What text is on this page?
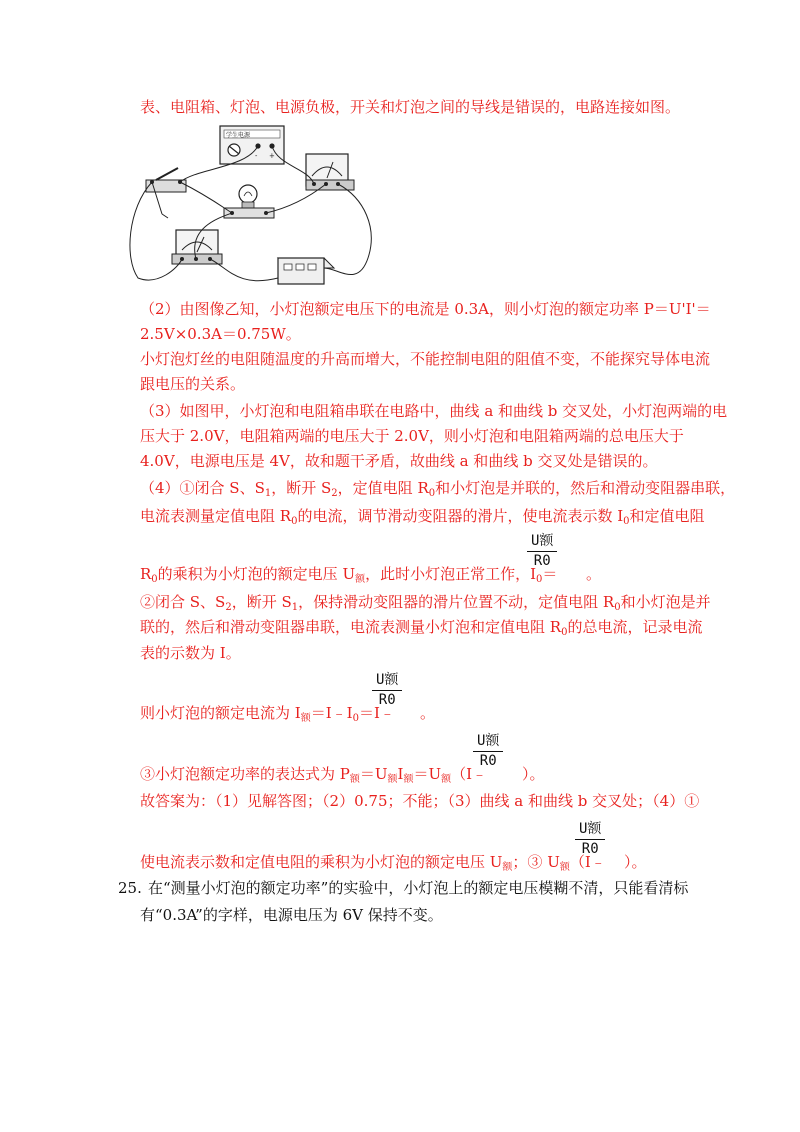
表、电阻箱、灯泡、电源负极，开关和灯泡之间的导线是错误的，电路连接如图。
学生电源
- +
（2）由图像乙知，小灯泡额定电压下的电流是 0.3A，则小灯泡的额定功率 P＝U'I'＝
2.5V×0.3A＝0.75W。
小灯泡灯丝的电阻随温度的升高而增大，不能控制电阻的阻值不变，不能探究导体电流
跟电压的关系。
（3）如图甲，小灯泡和电阻箱串联在电路中，曲线 a 和曲线 b 交叉处，小灯泡两端的电
压大于 2.0V，电阻箱两端的电压大于 2.0V，则小灯泡和电阻箱两端的总电压大于
4.0V，电源电压是 4V，故和题干矛盾，故曲线 a 和曲线 b 交叉处是错误的。
（4）①闭合 S、$S_1$，断开 $S_2$，定值电阻 $R_0$和小灯泡是并联的，然后和滑动变阻器串联，
电流表测量定值电阻 $R_0$的电流，调节滑动变阻器的滑片，使电流表示数 $I_0$和定值电阻
$R_0$的乘积为小灯泡的额定电压 $U_额$，此时小灯泡正常工作，$I_0=$
U额
R0
。
②闭合 S、$S_2$，断开 $S_1$，保持滑动变阻器的滑片位置不动，定值电阻 $R_0$和小灯泡是并
联的，然后和滑动变阻器串联，电流表测量小灯泡和定值电阻 $R_0$的总电流，记录电流
表的示数为 I。
则小灯泡的额定电流为 $I_额=I﹣I_0=I﹣$
U额
R0
。
③小灯泡额定功率的表达式为 $P_额=U_额I_额=U_额(I﹣$
U额
R0
）。
故答案为：（1）见解答图；（2）0.75；不能；（3）曲线 a 和曲线 b 交叉处；（4）①
使电流表示数和定值电阻的乘积为小灯泡的额定电压 $U_额$；③ $U_额(I﹣$
U额
R0
）。
25. 在“测量小灯泡的额定功率”的实验中，小灯泡上的额定电压模糊不清，只能看清标
有“0.3A”的字样，电源电压为 6V 保持不变。
